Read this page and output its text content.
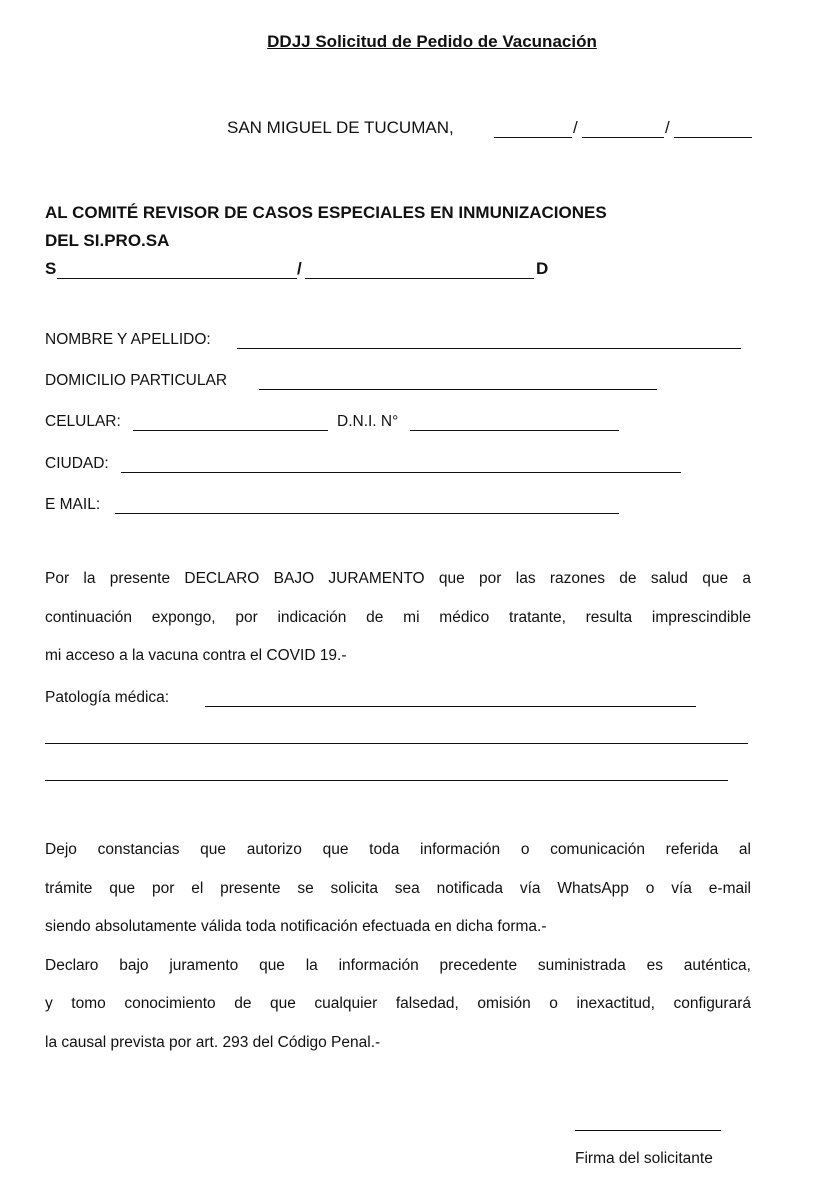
DDJJ Solicitud de Pedido de Vacunación
SAN MIGUEL DE TUCUMAN,	/	/
AL COMITÉ REVISOR DE CASOS ESPECIALES EN INMUNIZACIONES
DEL SI.PRO.SA
S	/	D
NOMBRE Y APELLIDO:
DOMICILIO PARTICULAR
CELULAR:	D.N.I. N°
CIUDAD:
E MAIL:
Por la presente DECLARO BAJO JURAMENTO que por las razones de salud que a
continuación expongo, por indicación de mi médico tratante, resulta imprescindible
mi acceso a la vacuna contra el COVID 19.-
Patología médica:
Dejo constancias que autorizo que toda información o comunicación referida al
trámite que por el presente se solicita sea notificada vía WhatsApp o vía e-mail
siendo absolutamente válida toda notificación efectuada en dicha forma.-
Declaro bajo juramento que la información precedente suministrada es auténtica,
y tomo conocimiento de que cualquier falsedad, omisión o inexactitud, configurará
la causal prevista por art. 293 del Código Penal.-
Firma del solicitante
